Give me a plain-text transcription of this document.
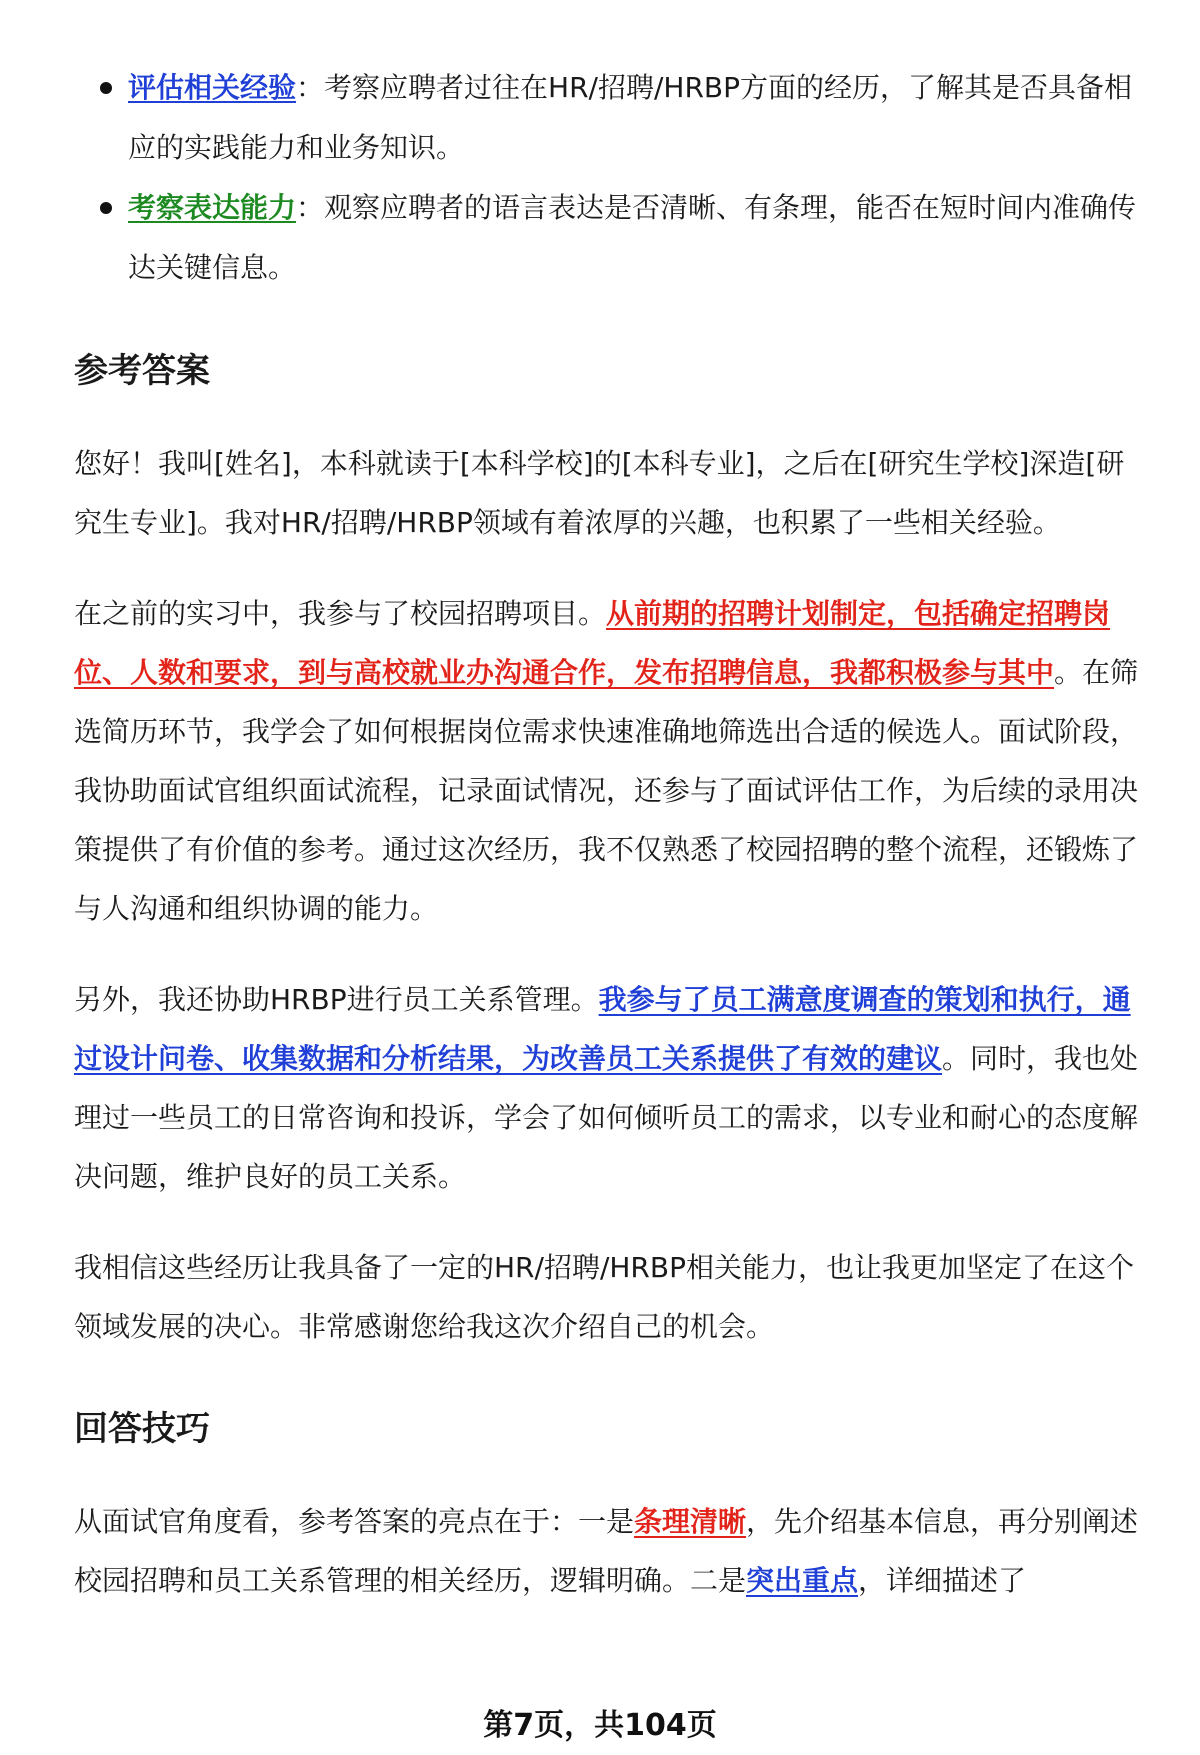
评估相关经验：考察应聘者过往在HR/招聘/HRBP方面的经历，了解其是否具备相应的实践能力和业务知识。
考察表达能力：观察应聘者的语言表达是否清晰、有条理，能否在短时间内准确传达关键信息。
参考答案

您好！我叫[姓名]，本科就读于[本科学校]的[本科专业]，之后在[研究生学校]深造[研究生专业]。我对HR/招聘/HRBP领域有着浓厚的兴趣，也积累了一些相关经验。

在之前的实习中，我参与了校园招聘项目。从前期的招聘计划制定，包括确定招聘岗位、人数和要求，到与高校就业办沟通合作，发布招聘信息，我都积极参与其中。在筛选简历环节，我学会了如何根据岗位需求快速准确地筛选出合适的候选人。面试阶段，我协助面试官组织面试流程，记录面试情况，还参与了面试评估工作，为后续的录用决策提供了有价值的参考。通过这次经历，我不仅熟悉了校园招聘的整个流程，还锻炼了与人沟通和组织协调的能力。

另外，我还协助HRBP进行员工关系管理。我参与了员工满意度调查的策划和执行，通过设计问卷、收集数据和分析结果，为改善员工关系提供了有效的建议。同时，我也处理过一些员工的日常咨询和投诉，学会了如何倾听员工的需求，以专业和耐心的态度解决问题，维护良好的员工关系。

我相信这些经历让我具备了一定的HR/招聘/HRBP相关能力，也让我更加坚定了在这个领域发展的决心。非常感谢您给我这次介绍自己的机会。

回答技巧

从面试官角度看，参考答案的亮点在于：一是条理清晰，先介绍基本信息，再分别阐述校园招聘和员工关系管理的相关经历，逻辑明确。二是突出重点，详细描述了

第7页，共104页
